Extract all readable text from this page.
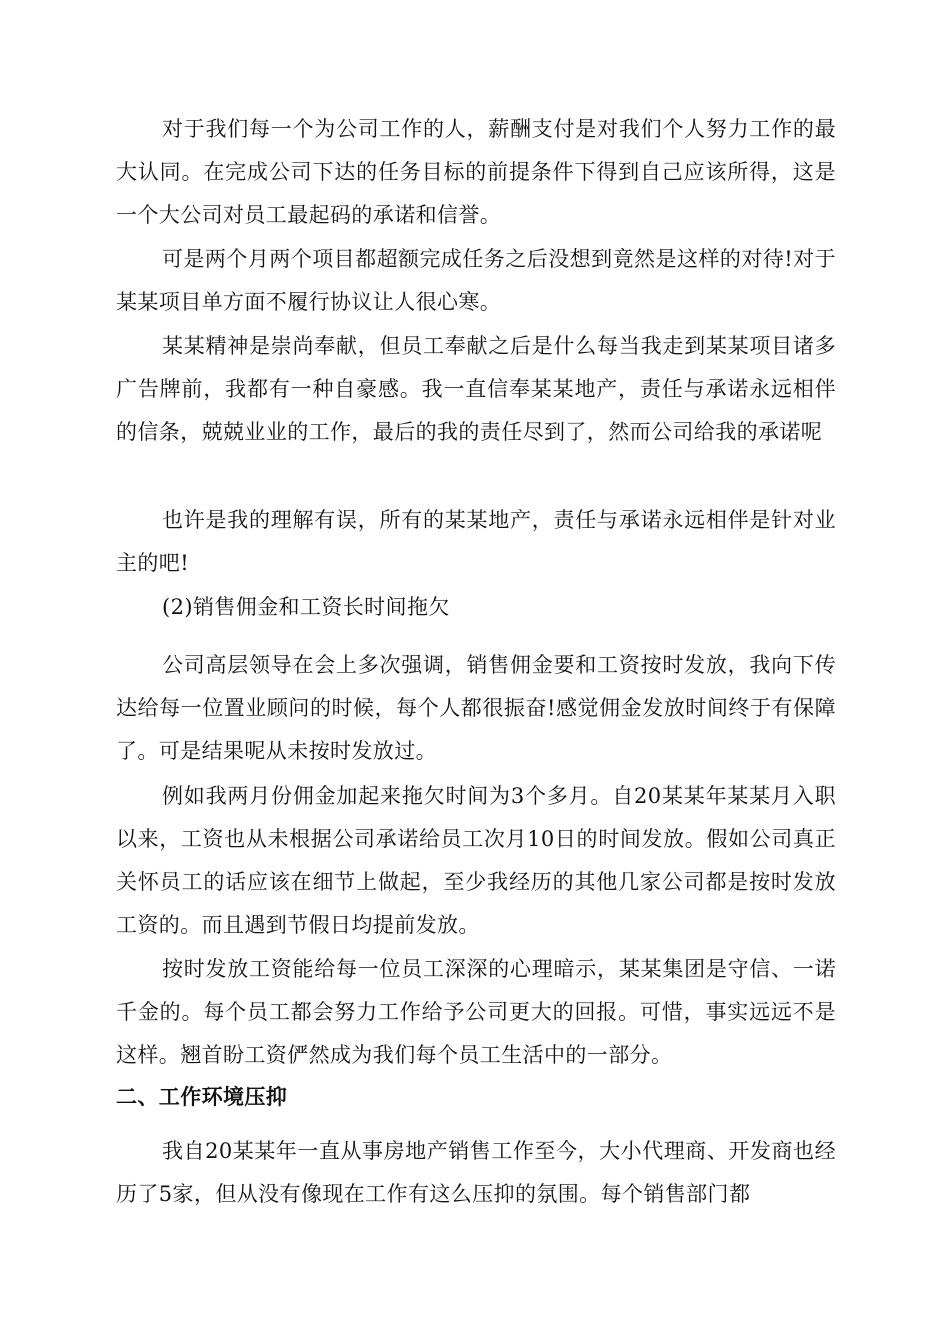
对于我们每一个为公司工作的人，薪酬支付是对我们个人努力工作的最大认同。在完成公司下达的任务目标的前提条件下得到自己应该所得，这是一个大公司对员工最起码的承诺和信誉。

可是两个月两个项目都超额完成任务之后没想到竟然是这样的对待!对于某某项目单方面不履行协议让人很心寒。

某某精神是崇尚奉献，但员工奉献之后是什么每当我走到某某项目诸多广告牌前，我都有一种自豪感。我一直信奉某某地产，责任与承诺永远相伴的信条，兢兢业业的工作，最后的我的责任尽到了，然而公司给我的承诺呢

也许是我的理解有误，所有的某某地产，责任与承诺永远相伴是针对业主的吧!

(2)销售佣金和工资长时间拖欠

公司高层领导在会上多次强调，销售佣金要和工资按时发放，我向下传达给每一位置业顾问的时候，每个人都很振奋!感觉佣金发放时间终于有保障了。可是结果呢从未按时发放过。

例如我两月份佣金加起来拖欠时间为3个多月。自20某某年某某月入职以来，工资也从未根据公司承诺给员工次月10日的时间发放。假如公司真正关怀员工的话应该在细节上做起，至少我经历的其他几家公司都是按时发放工资的。而且遇到节假日均提前发放。

按时发放工资能给每一位员工深深的心理暗示，某某集团是守信、一诺千金的。每个员工都会努力工作给予公司更大的回报。可惜，事实远远不是这样。翘首盼工资俨然成为我们每个员工生活中的一部分。

二、工作环境压抑

我自20某某年一直从事房地产销售工作至今，大小代理商、开发商也经历了5家，但从没有像现在工作有这么压抑的氛围。每个销售部门都
